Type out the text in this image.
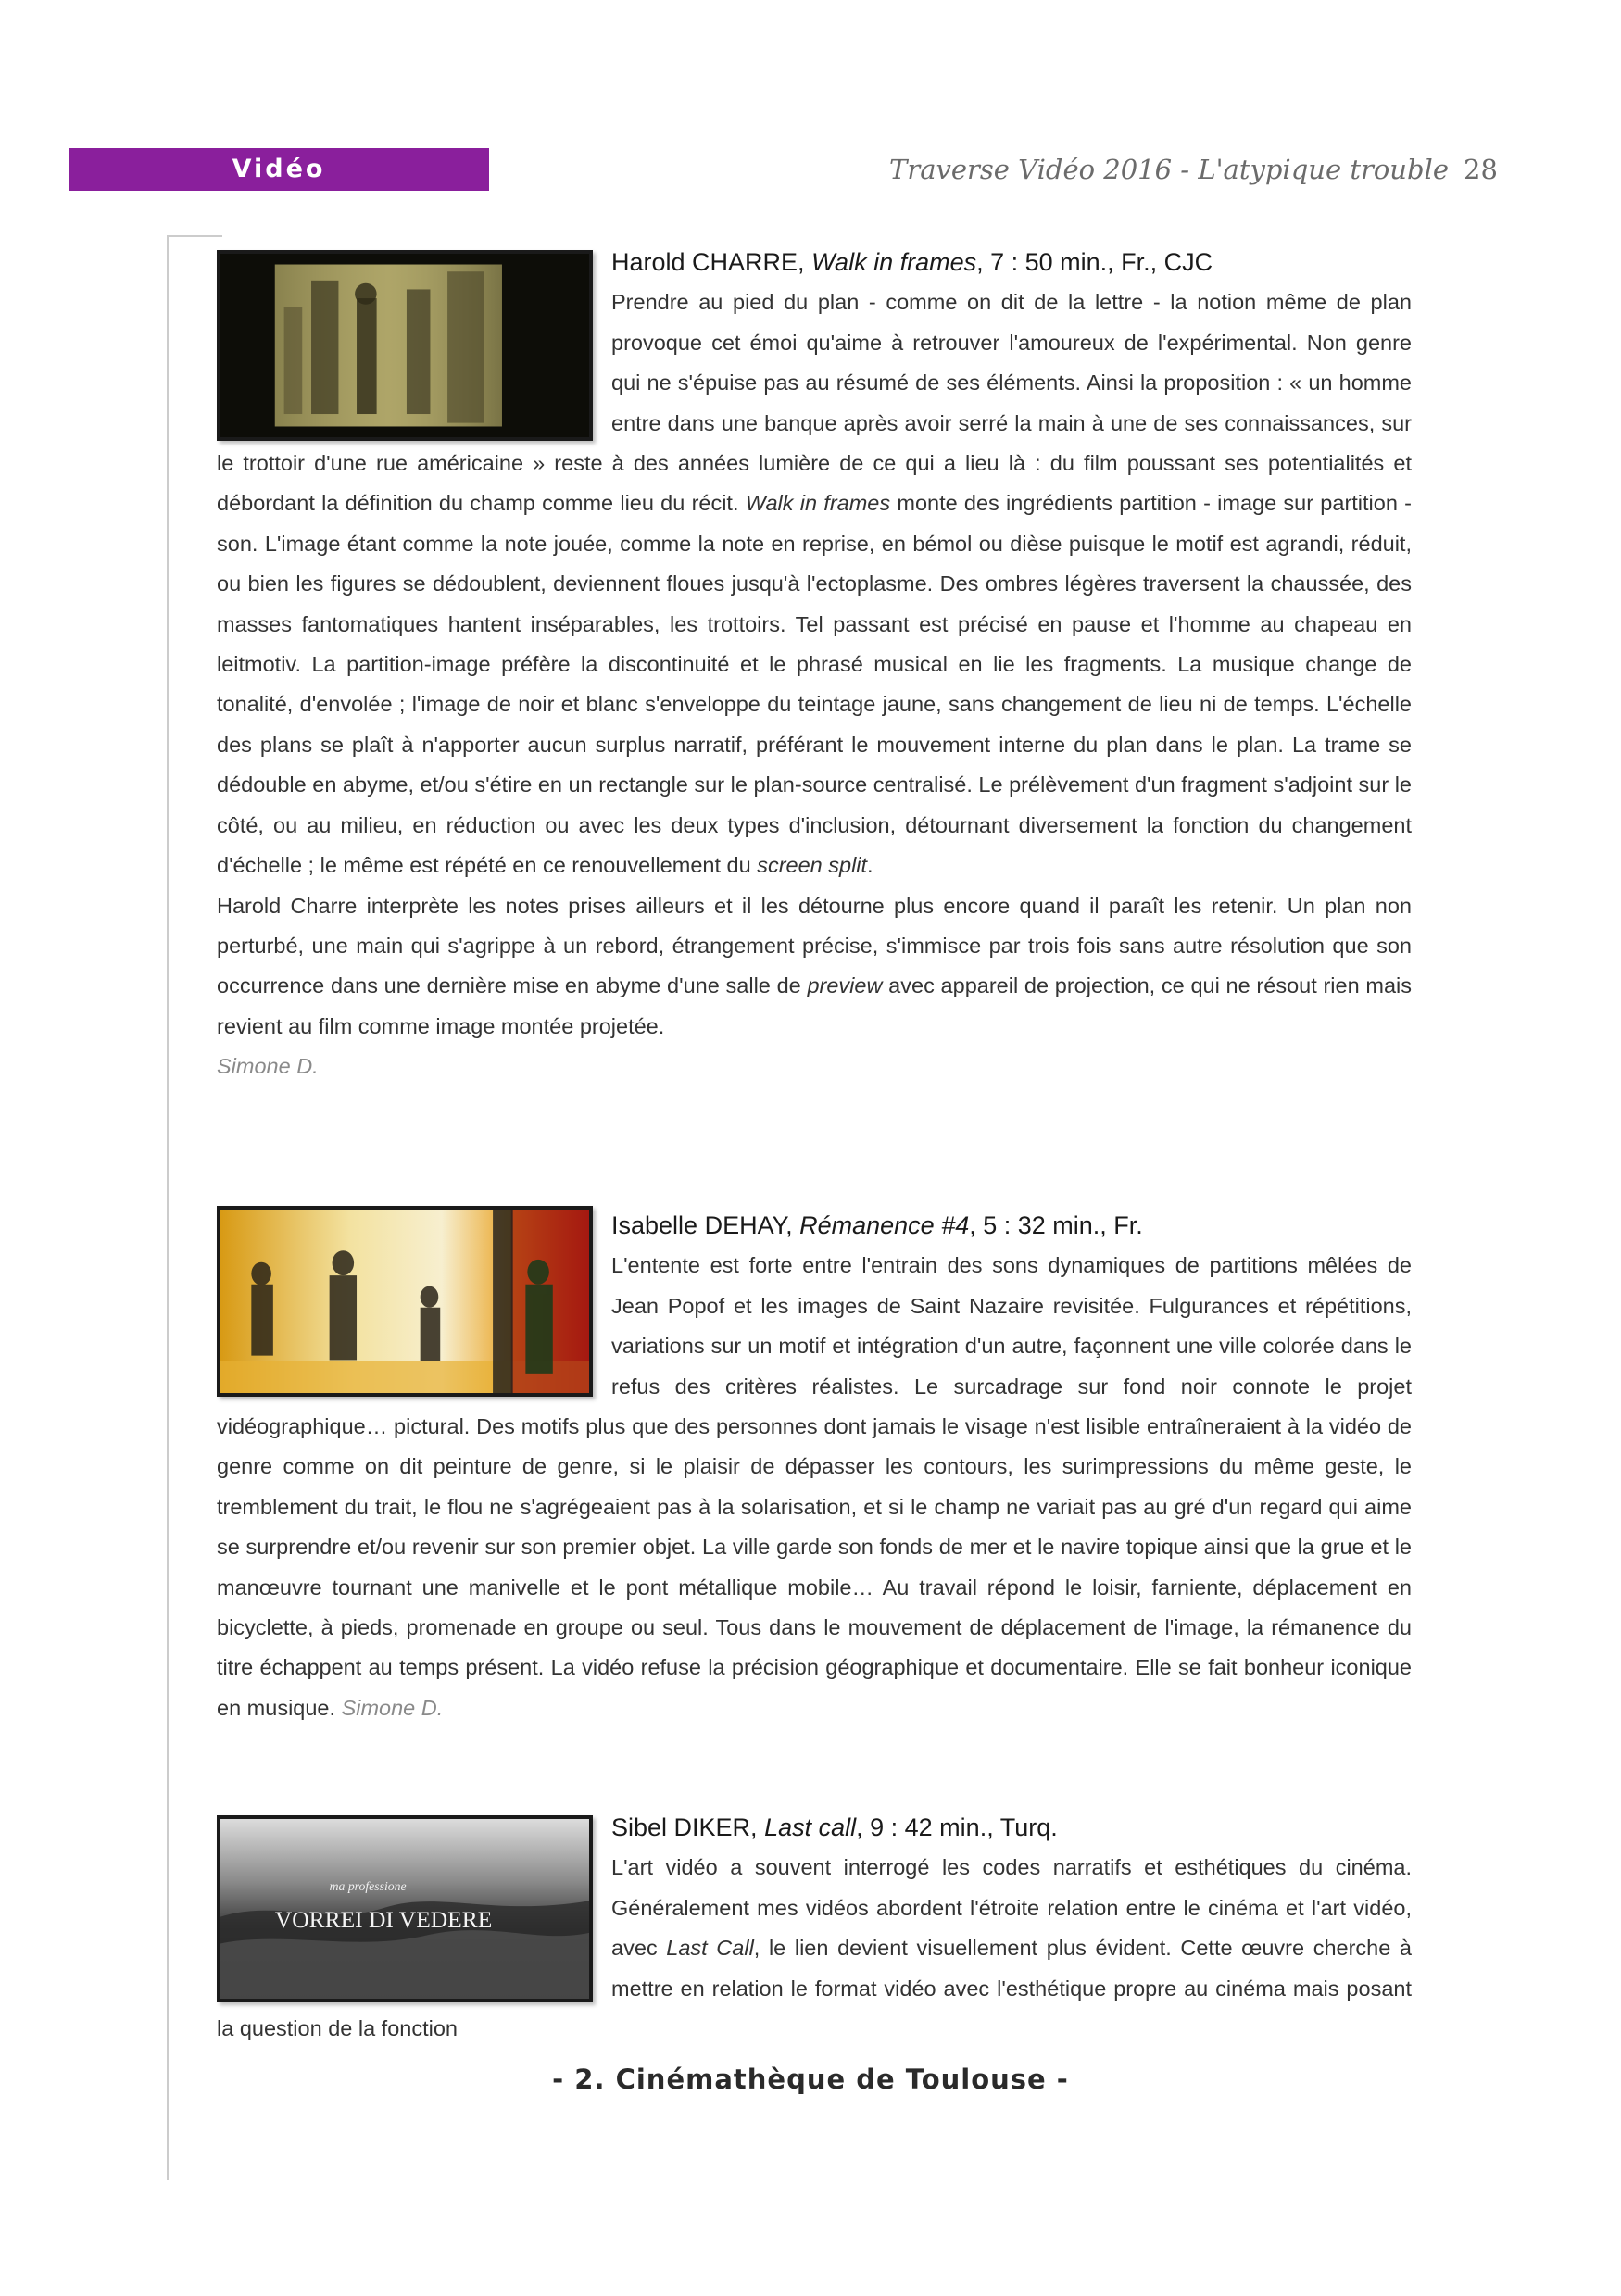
Vidéo	Traverse Vidéo 2016 - L'atypique trouble 28
Harold CHARRE, Walk in frames, 7 : 50 min., Fr., CJC

Prendre au pied du plan - comme on dit de la lettre - la notion même de plan provoque cet émoi qu'aime à retrouver l'amoureux de l'expérimental. Non genre qui ne s'épuise pas au résumé de ses éléments. Ainsi la proposition : « un homme entre dans une banque après avoir serré la main à une de ses connaissances, sur le trottoir d'une rue américaine » reste à des années lumière de ce qui a lieu là : du film poussant ses potentialités et débordant la définition du champ comme lieu du récit. Walk in frames monte des ingrédients partition - image sur partition - son. L'image étant comme la note jouée, comme la note en reprise, en bémol ou dièse puisque le motif est agrandi, réduit, ou bien les figures se dédoublent, deviennent floues jusqu'à l'ectoplasme. Des ombres légères traversent la chaussée, des masses fantomatiques hantent inséparables, les trottoirs. Tel passant est précisé en pause et l'homme au chapeau en leitmotiv. La partition-image préfère la discontinuité et le phrasé musical en lie les fragments. La musique change de tonalité, d'envolée ; l'image de noir et blanc s'enveloppe du teintage jaune, sans changement de lieu ni de temps. L'échelle des plans se plaît à n'apporter aucun surplus narratif, préférant le mouvement interne du plan dans le plan. La trame se dédouble en abyme, et/ou s'étire en un rectangle sur le plan-source centralisé. Le prélèvement d'un fragment s'adjoint sur le côté, ou au milieu, en réduction ou avec les deux types d'inclusion, détournant diversement la fonction du changement d'échelle ; le même est répété en ce renouvellement du screen split.

Harold Charre interprète les notes prises ailleurs et il les détourne plus encore quand il paraît les retenir. Un plan non perturbé, une main qui s'agrippe à un rebord, étrangement précise, s'immisce par trois fois sans autre résolution que son occurrence dans une dernière mise en abyme d'une salle de preview avec appareil de projection, ce qui ne résout rien mais revient au film comme image montée projetée.

Simone D.

Isabelle DEHAY, Rémanence #4, 5 : 32 min., Fr.

L'entente est forte entre l'entrain des sons dynamiques de partitions mêlées de Jean Popof et les images de Saint Nazaire revisitée. Fulgurances et répétitions, variations sur un motif et intégration d'un autre, façonnent une ville colorée dans le refus des critères réalistes. Le surcadrage sur fond noir connote le projet vidéographique… pictural. Des motifs plus que des personnes dont jamais le visage n'est lisible entraîneraient à la vidéo de genre comme on dit peinture de genre, si le plaisir de dépasser les contours, les surimpressions du même geste, le tremblement du trait, le flou ne s'agrégeaient pas à la solarisation, et si le champ ne variait pas au gré d'un regard qui aime se surprendre et/ou revenir sur son premier objet. La ville garde son fonds de mer et le navire topique ainsi que la grue et le manœuvre tournant une manivelle et le pont métallique mobile… Au travail répond le loisir, farniente, déplacement en bicyclette, à pieds, promenade en groupe ou seul. Tous dans le mouvement de déplacement de l'image, la rémanence du titre échappent au temps présent. La vidéo refuse la précision géographique et documentaire. Elle se fait bonheur iconique en musique. Simone D.

ma professione
VORREI DI VEDERE
Sibel DIKER, Last call, 9 : 42 min., Turq.

L'art vidéo a souvent interrogé les codes narratifs et esthétiques du cinéma. Généralement mes vidéos abordent l'étroite relation entre le cinéma et l'art vidéo, avec Last Call, le lien devient visuellement plus évident. Cette œuvre cherche à mettre en relation le format vidéo avec l'esthétique propre au cinéma mais posant la question de la fonction

- 2. Cinémathèque de Toulouse -
